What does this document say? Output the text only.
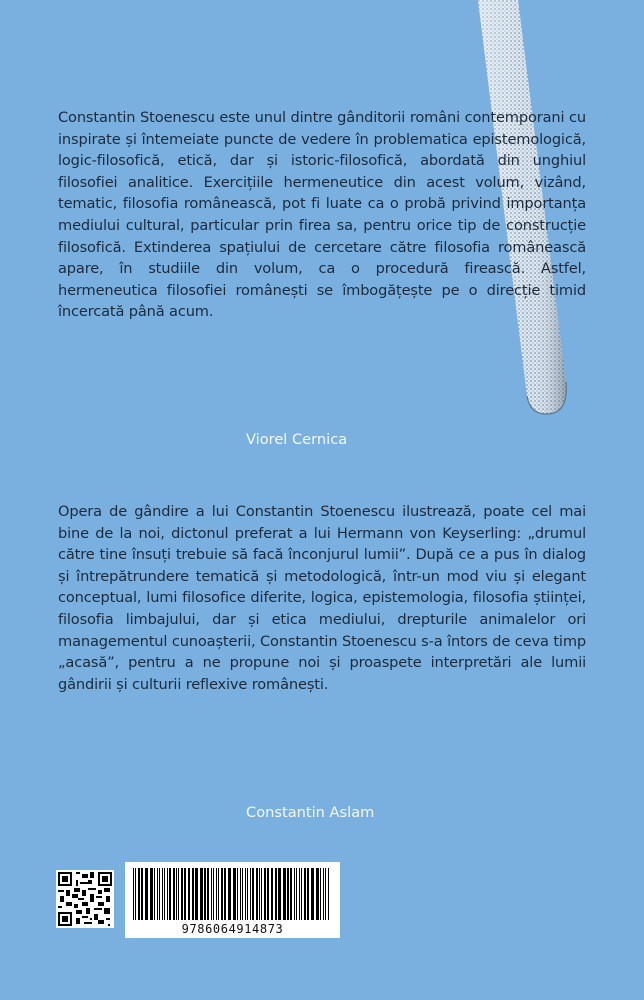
Constantin Stoenescu este unul dintre gânditorii români contemporani cu inspirate și întemeiate puncte de vedere în problematica epistemologică, logic-filosofică, etică, dar și istoric-filosofică, abordată din unghiul filosofiei analitice. Exercițiile hermeneutice din acest volum, vizând, tematic, filosofia românească, pot fi luate ca o probă privind importanța mediului cultural, particular prin firea sa, pentru orice tip de construcție filosofică. Extinderea spațiului de cercetare către filosofia românească apare, în studiile din volum, ca o procedură firească. Astfel, hermeneutica filosofiei românești se îmbogățește pe o direcție timid încercată până acum.

Viorel Cernica

Opera de gândire a lui Constantin Stoenescu ilustrează, poate cel mai bine de la noi, dictonul preferat a lui Hermann von Keyserling: „drumul către tine însuți trebuie să facă înconjurul lumii”. După ce a pus în dialog și întrepătrundere tematică și metodologică, într-un mod viu și elegant conceptual, lumi filosofice diferite, logica, epistemologia, filosofia științei, filosofia limbajului, dar și etica mediului, drepturile animalelor ori managementul cunoașterii, Constantin Stoenescu s-a întors de ceva timp „acasă”, pentru a ne propune noi și proaspete interpretări ale lumii gândirii și culturii reflexive românești.

Constantin Aslam
9786064914873
